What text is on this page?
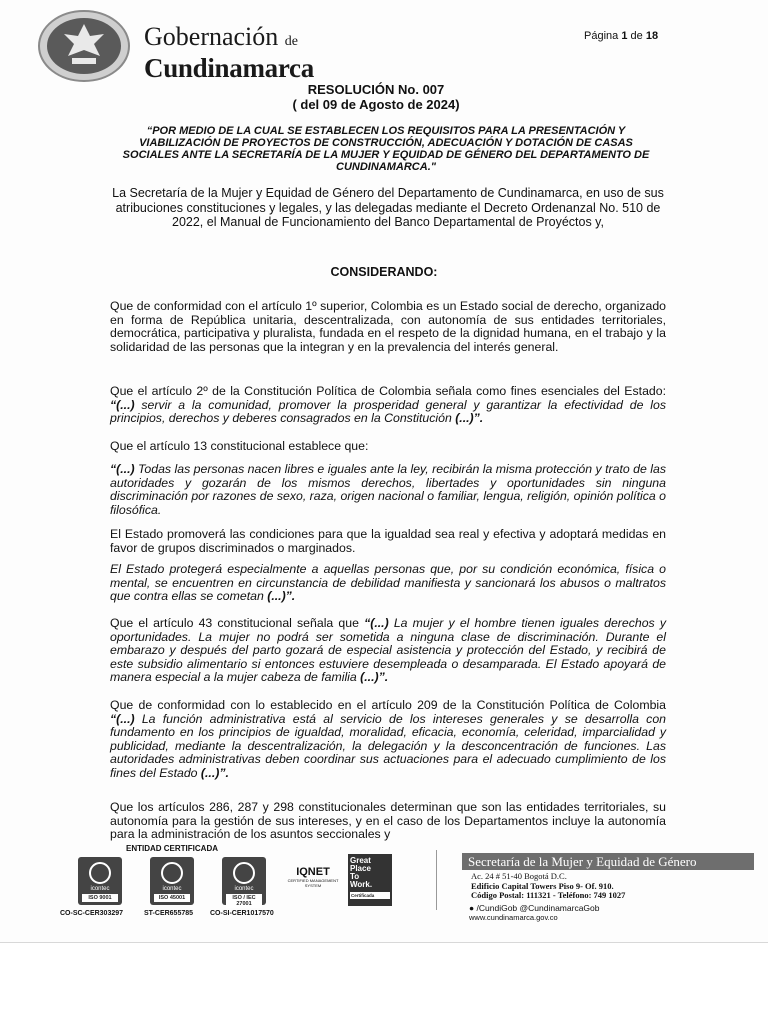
Gobernación de
Cundinamarca
Página 1 de 18
RESOLUCIÓN No. 007
( del 09 de Agosto de 2024)
“POR MEDIO DE LA CUAL SE ESTABLECEN LOS REQUISITOS PARA LA PRESENTACIÓN Y VIABILIZACIÓN DE PROYECTOS DE CONSTRUCCIÓN, ADECUACIÓN Y DOTACIÓN DE CASAS SOCIALES ANTE LA SECRETARÍA DE LA MUJER Y EQUIDAD DE GÉNERO DEL DEPARTAMENTO DE CUNDINAMARCA."
La Secretaría de la Mujer y Equidad de Género del Departamento de Cundinamarca, en uso de sus atribuciones constituciones y legales, y las delegadas mediante el Decreto Ordenanzal No. 510 de 2022, el Manual de Funcionamiento del Banco Departamental de Proyéctos y,
CONSIDERANDO:
Que de conformidad con el artículo 1º superior, Colombia es un Estado social de derecho, organizado en forma de República unitaria, descentralizada, con autonomía de sus entidades territoriales, democrática, participativa y pluralista, fundada en el respeto de la dignidad humana, en el trabajo y la solidaridad de las personas que la integran y en la prevalencia del interés general.
Que el artículo 2º de la Constitución Política de Colombia señala como fines esenciales del Estado: “(...) servir a la comunidad, promover la prosperidad general y garantizar la efectividad de los principios, derechos y deberes consagrados en la Constitución (...)”.
Que el artículo 13 constitucional establece que:
“(...) Todas las personas nacen libres e iguales ante la ley, recibirán la misma protección y trato de las autoridades y gozarán de los mismos derechos, libertades y oportunidades sin ninguna discriminación por razones de sexo, raza, origen nacional o familiar, lengua, religión, opinión política o filosófica.
El Estado promoverá las condiciones para que la igualdad sea real y efectiva y adoptará medidas en favor de grupos discriminados o marginados.
El Estado protegerá especialmente a aquellas personas que, por su condición económica, física o mental, se encuentren en circunstancia de debilidad manifiesta y sancionará los abusos o maltratos que contra ellas se cometan (...)”.
Que el artículo 43 constitucional señala que “(...) La mujer y el hombre tienen iguales derechos y oportunidades. La mujer no podrá ser sometida a ninguna clase de discriminación. Durante el embarazo y después del parto gozará de especial asistencia y protección del Estado, y recibirá de este subsidio alimentario si entonces estuviere desempleada o desamparada. El Estado apoyará de manera especial a la mujer cabeza de familia (...)”.
Que de conformidad con lo establecido en el artículo 209 de la Constitución Política de Colombia “(...) La función administrativa está al servicio de los intereses generales y se desarrolla con fundamento en los principios de igualdad, moralidad, eficacia, economía, celeridad, imparcialidad y publicidad, mediante la descentralización, la delegación y la desconcentración de funciones. Las autoridades administrativas deben coordinar sus actuaciones para el adecuado cumplimiento de los fines del Estado (...)”.
Que los artículos 286, 287 y 298 constitucionales determinan que son las entidades territoriales, su autonomía para la gestión de sus intereses, y en el caso de los Departamentos incluye la autonomía para la administración de los asuntos seccionales y
ENTIDAD CERTIFICADA
icontec
ISO 9001
icontec
ISO 45001
icontec
ISO / IEC 27001
CO-SC-CER303297	ST-CER655785 CO-SI-CER1017570
IQNET
CERTIFIED MANAGEMENT SYSTEM
Great
Place
To
Work.
Certificada
Secretaría de la Mujer y Equidad de Género
Ac. 24 # 51-40 Bogotá D.C.
Edificio Capital Towers Piso 9- Of. 910.
Código Postal: 111321 - Teléfono: 749 1027
● /CundiGob @CundinamarcaGob
www.cundinamarca.gov.co
